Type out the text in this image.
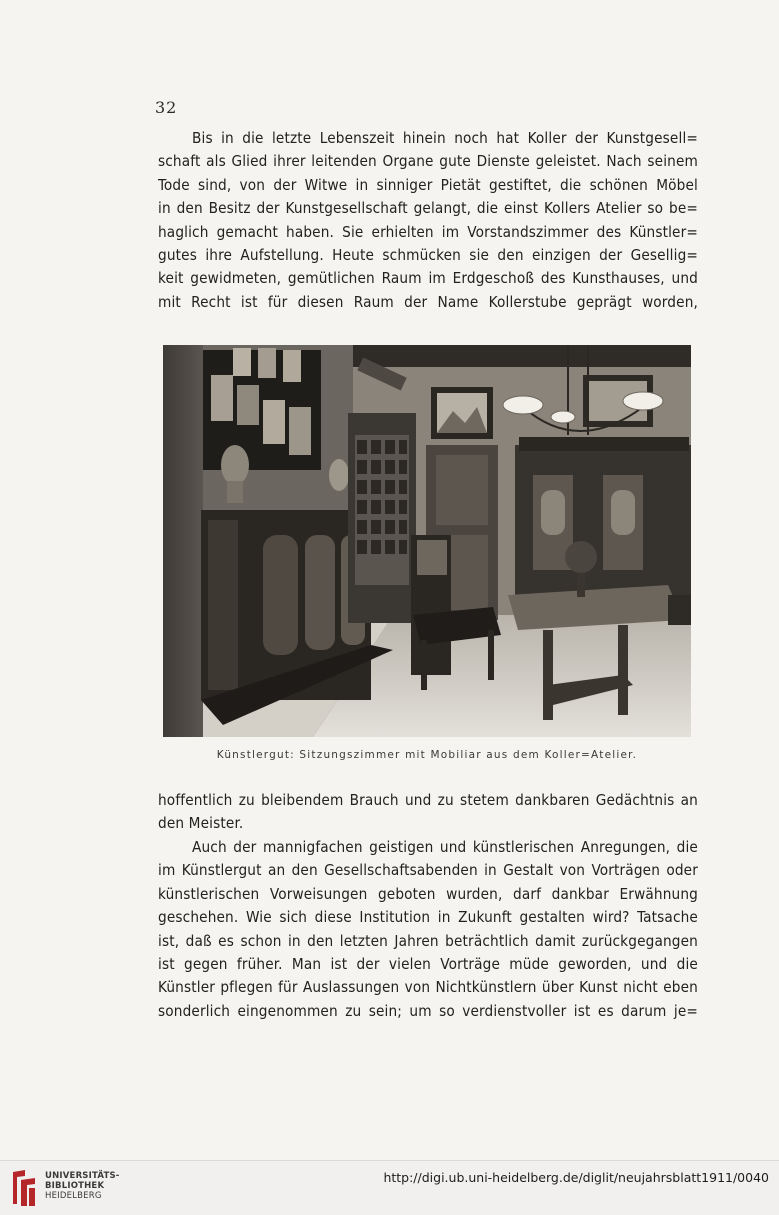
32
Bis in die letzte Lebenszeit hinein noch hat Koller der Kunstgesell=
schaft als Glied ihrer leitenden Organe gute Dienste geleistet. Nach seinem
Tode sind, von der Witwe in sinniger Pietät gestiftet, die schönen Möbel
in den Besitz der Kunstgesellschaft gelangt, die einst Kollers Atelier so be=
haglich gemacht haben. Sie erhielten im Vorstandszimmer des Künstler=
gutes ihre Aufstellung. Heute schmücken sie den einzigen der Gesellig=
keit gewidmeten, gemütlichen Raum im Erdgeschoß des Kunsthauses, und
mit Recht ist für diesen Raum der Name Kollerstube geprägt worden,
Künstlergut: Sitzungszimmer mit Mobiliar aus dem Koller=Atelier.
hoffentlich zu bleibendem Brauch und zu stetem dankbaren Gedächtnis an
den Meister.
Auch der mannigfachen geistigen und künstlerischen Anregungen, die
im Künstlergut an den Gesellschaftsabenden in Gestalt von Vorträgen oder
künstlerischen Vorweisungen geboten wurden, darf dankbar Erwähnung
geschehen. Wie sich diese Institution in Zukunft gestalten wird? Tatsache
ist, daß es schon in den letzten Jahren beträchtlich damit zurückgegangen
ist gegen früher. Man ist der vielen Vorträge müde geworden, und die
Künstler pflegen für Auslassungen von Nichtkünstlern über Kunst nicht eben
sonderlich eingenommen zu sein; um so verdienstvoller ist es darum je=
UNIVERSITÄTS-
BIBLIOTHEK
HEIDELBERG
http://digi.ub.uni-heidelberg.de/diglit/neujahrsblatt1911/0040
